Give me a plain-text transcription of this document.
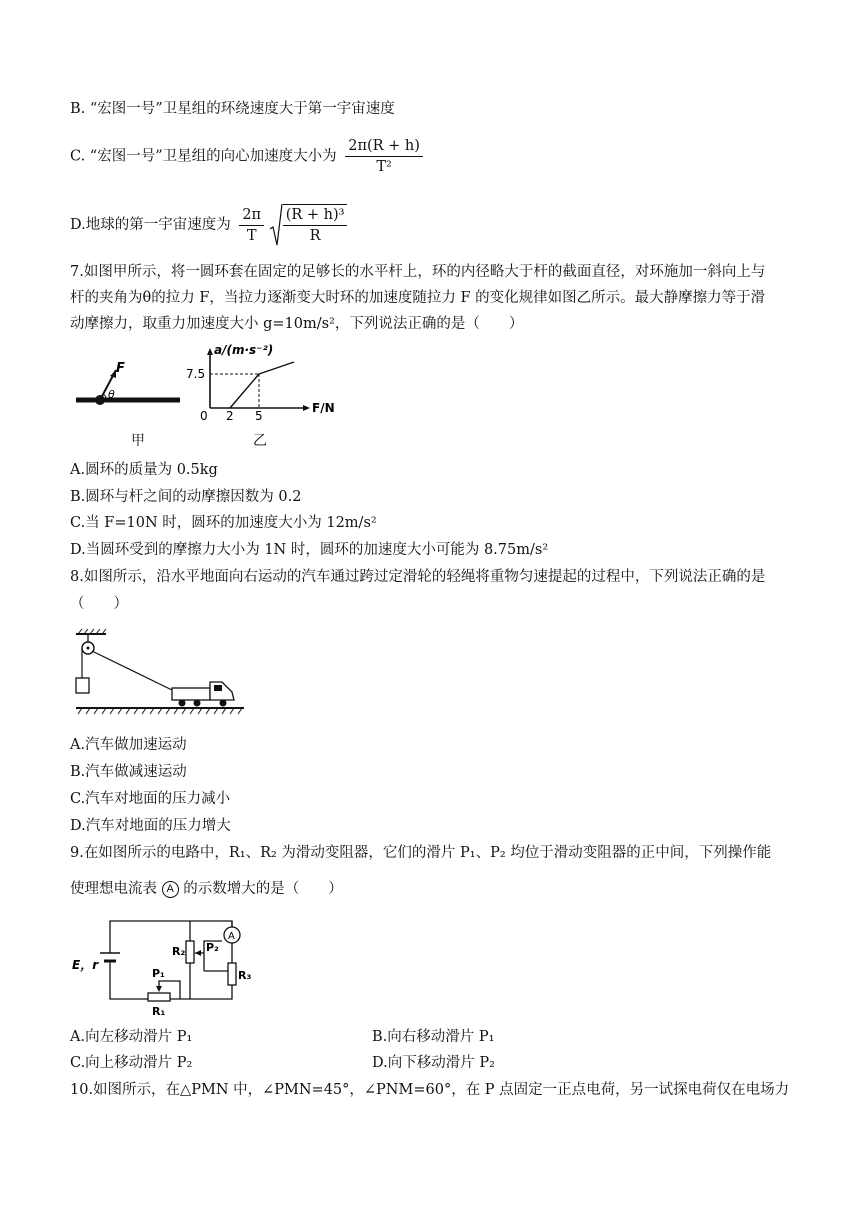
B. “宏图一号”卫星组的环绕速度大于第一宇宙速度
C. “宏图一号”卫星组的向心加速度大小为 $\frac{2\pi(R + h)}{\text{T²}}$
D.地球的第一宇宙速度为 $\frac{2\pi}{T}$
$\frac{\text{(R + h)³}}{R}$
7.如图甲所示，将一圆环套在固定的足够长的水平杆上，环的内径略大于杆的截面直径，对环施加一斜向上与
杆的夹角为θ的拉力 F，当拉力逐渐变大时环的加速度随拉力 F 的变化规律如图乙所示。最大静摩擦力等于滑
动摩擦力，取重力加速度大小 g=10m/s²，下列说法正确的是（　　）
F
θ
甲
a/(m·s⁻²)
7.5
0 2 5
F/N
乙
A.圆环的质量为 0.5kg
B.圆环与杆之间的动摩擦因数为 0.2
C.当 F=10N 时，圆环的加速度大小为 12m/s²
D.当圆环受到的摩擦力大小为 1N 时，圆环的加速度大小可能为 8.75m/s²
8.如图所示，沿水平地面向右运动的汽车通过跨过定滑轮的轻绳将重物匀速提起的过程中，下列说法正确的是
（　　）
A.汽车做加速运动
B.汽车做减速运动
C.汽车对地面的压力减小
D.汽车对地面的压力增大
9.在如图所示的电路中，R₁、R₂ 为滑动变阻器，它们的滑片 P₁、P₂ 均位于滑动变阻器的正中间，下列操作能
使理想电流表 A 的示数增大的是（　　）
A
E，r
R₂ P₂
R₃
P₁
R₁
A.向左移动滑片 P₁	B.向右移动滑片 P₁
C.向上移动滑片 P₂	D.向下移动滑片 P₂
10.如图所示，在△PMN 中，∠PMN=45°，∠PNM=60°，在 P 点固定一正点电荷，另一试探电荷仅在电场力
